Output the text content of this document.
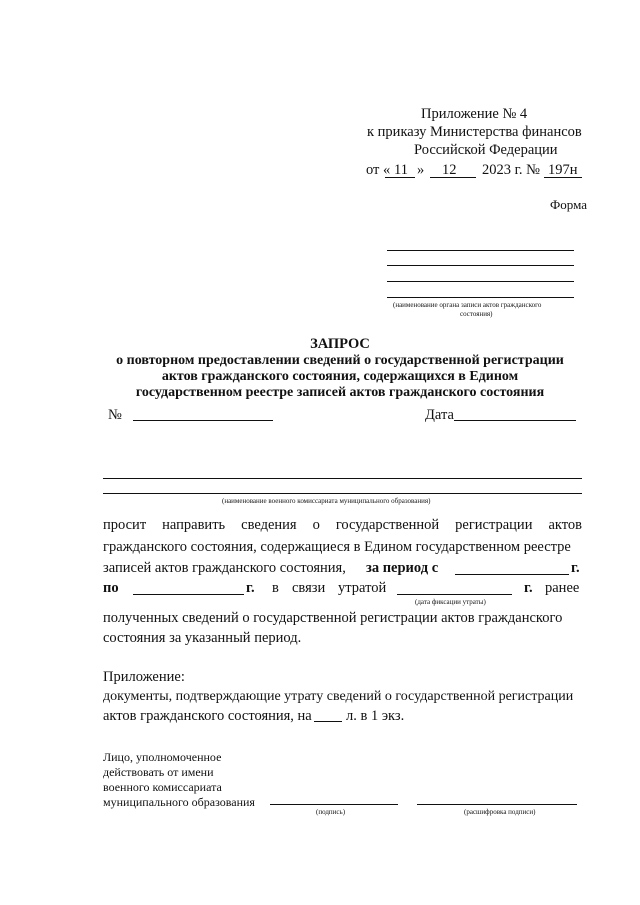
Приложение № 4
к приказу Министерства финансов
Российской Федерации
от « 11 » 12 2023 г. № 197н
Форма
(наименование органа записи актов гражданского
состояния)
ЗАПРОС
о повторном предоставлении сведений о государственной регистрации
актов гражданского состояния, содержащихся в Едином
государственном реестре записей актов гражданского состояния
№	Дата
(наименование военного комиссариата муниципального образования)
просит направить сведения о государственной регистрации актов
гражданского состояния, содержащиеся в Едином государственном реестре
записей актов гражданского состояния, за период с	г.
по	г. в связи утратой	г. ранее
(дата фиксации утраты)
полученных сведений о государственной регистрации актов гражданского
состояния за указанный период.
Приложение:
документы, подтверждающие утрату сведений о государственной регистрации
актов гражданского состояния, на л. в 1 экз.
Лицо, уполномоченное
действовать от имени
военного комиссариата
муниципального образования
(подпись)	(расшифровка подписи)
